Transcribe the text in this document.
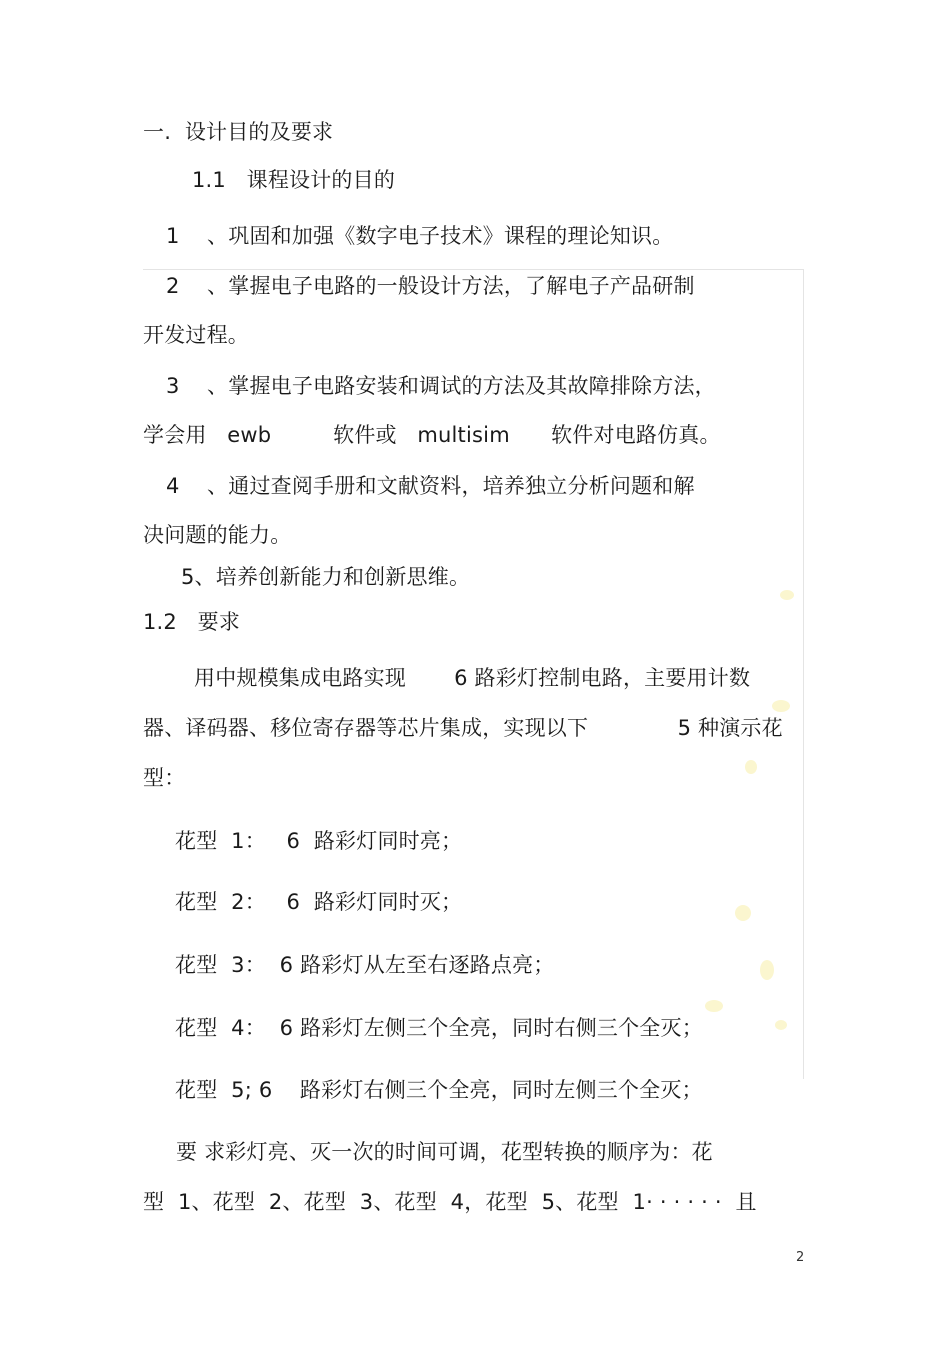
一.  设计目的及要求
1.1   课程设计的目的
1    、巩固和加强《数字电子技术》课程的理论知识。
2    、掌握电子电路的一般设计方法，了解电子产品研制
开发过程。
3    、掌握电子电路安装和调试的方法及其故障排除方法，
学会用   ewb         软件或   multisim      软件对电路仿真。
4    、通过查阅手册和文献资料，培养独立分析问题和解
决问题的能力。
5、培养创新能力和创新思维。
1.2   要求
用中规模集成电路实现       6 路彩灯控制电路，主要用计数
器、译码器、移位寄存器等芯片集成，实现以下             5 种演示花
型：
花型  1：   6  路彩灯同时亮；
花型  2：   6  路彩灯同时灭；
花型  3：  6 路彩灯从左至右逐路点亮；
花型  4：  6 路彩灯左侧三个全亮，同时右侧三个全灭；
花型  5; 6    路彩灯右侧三个全亮，同时左侧三个全灭；
要 求彩灯亮、灭一次的时间可调，花型转换的顺序为：花
型  1、花型  2、花型  3、花型  4，花型  5、花型  1· · · · · ·  且
2
